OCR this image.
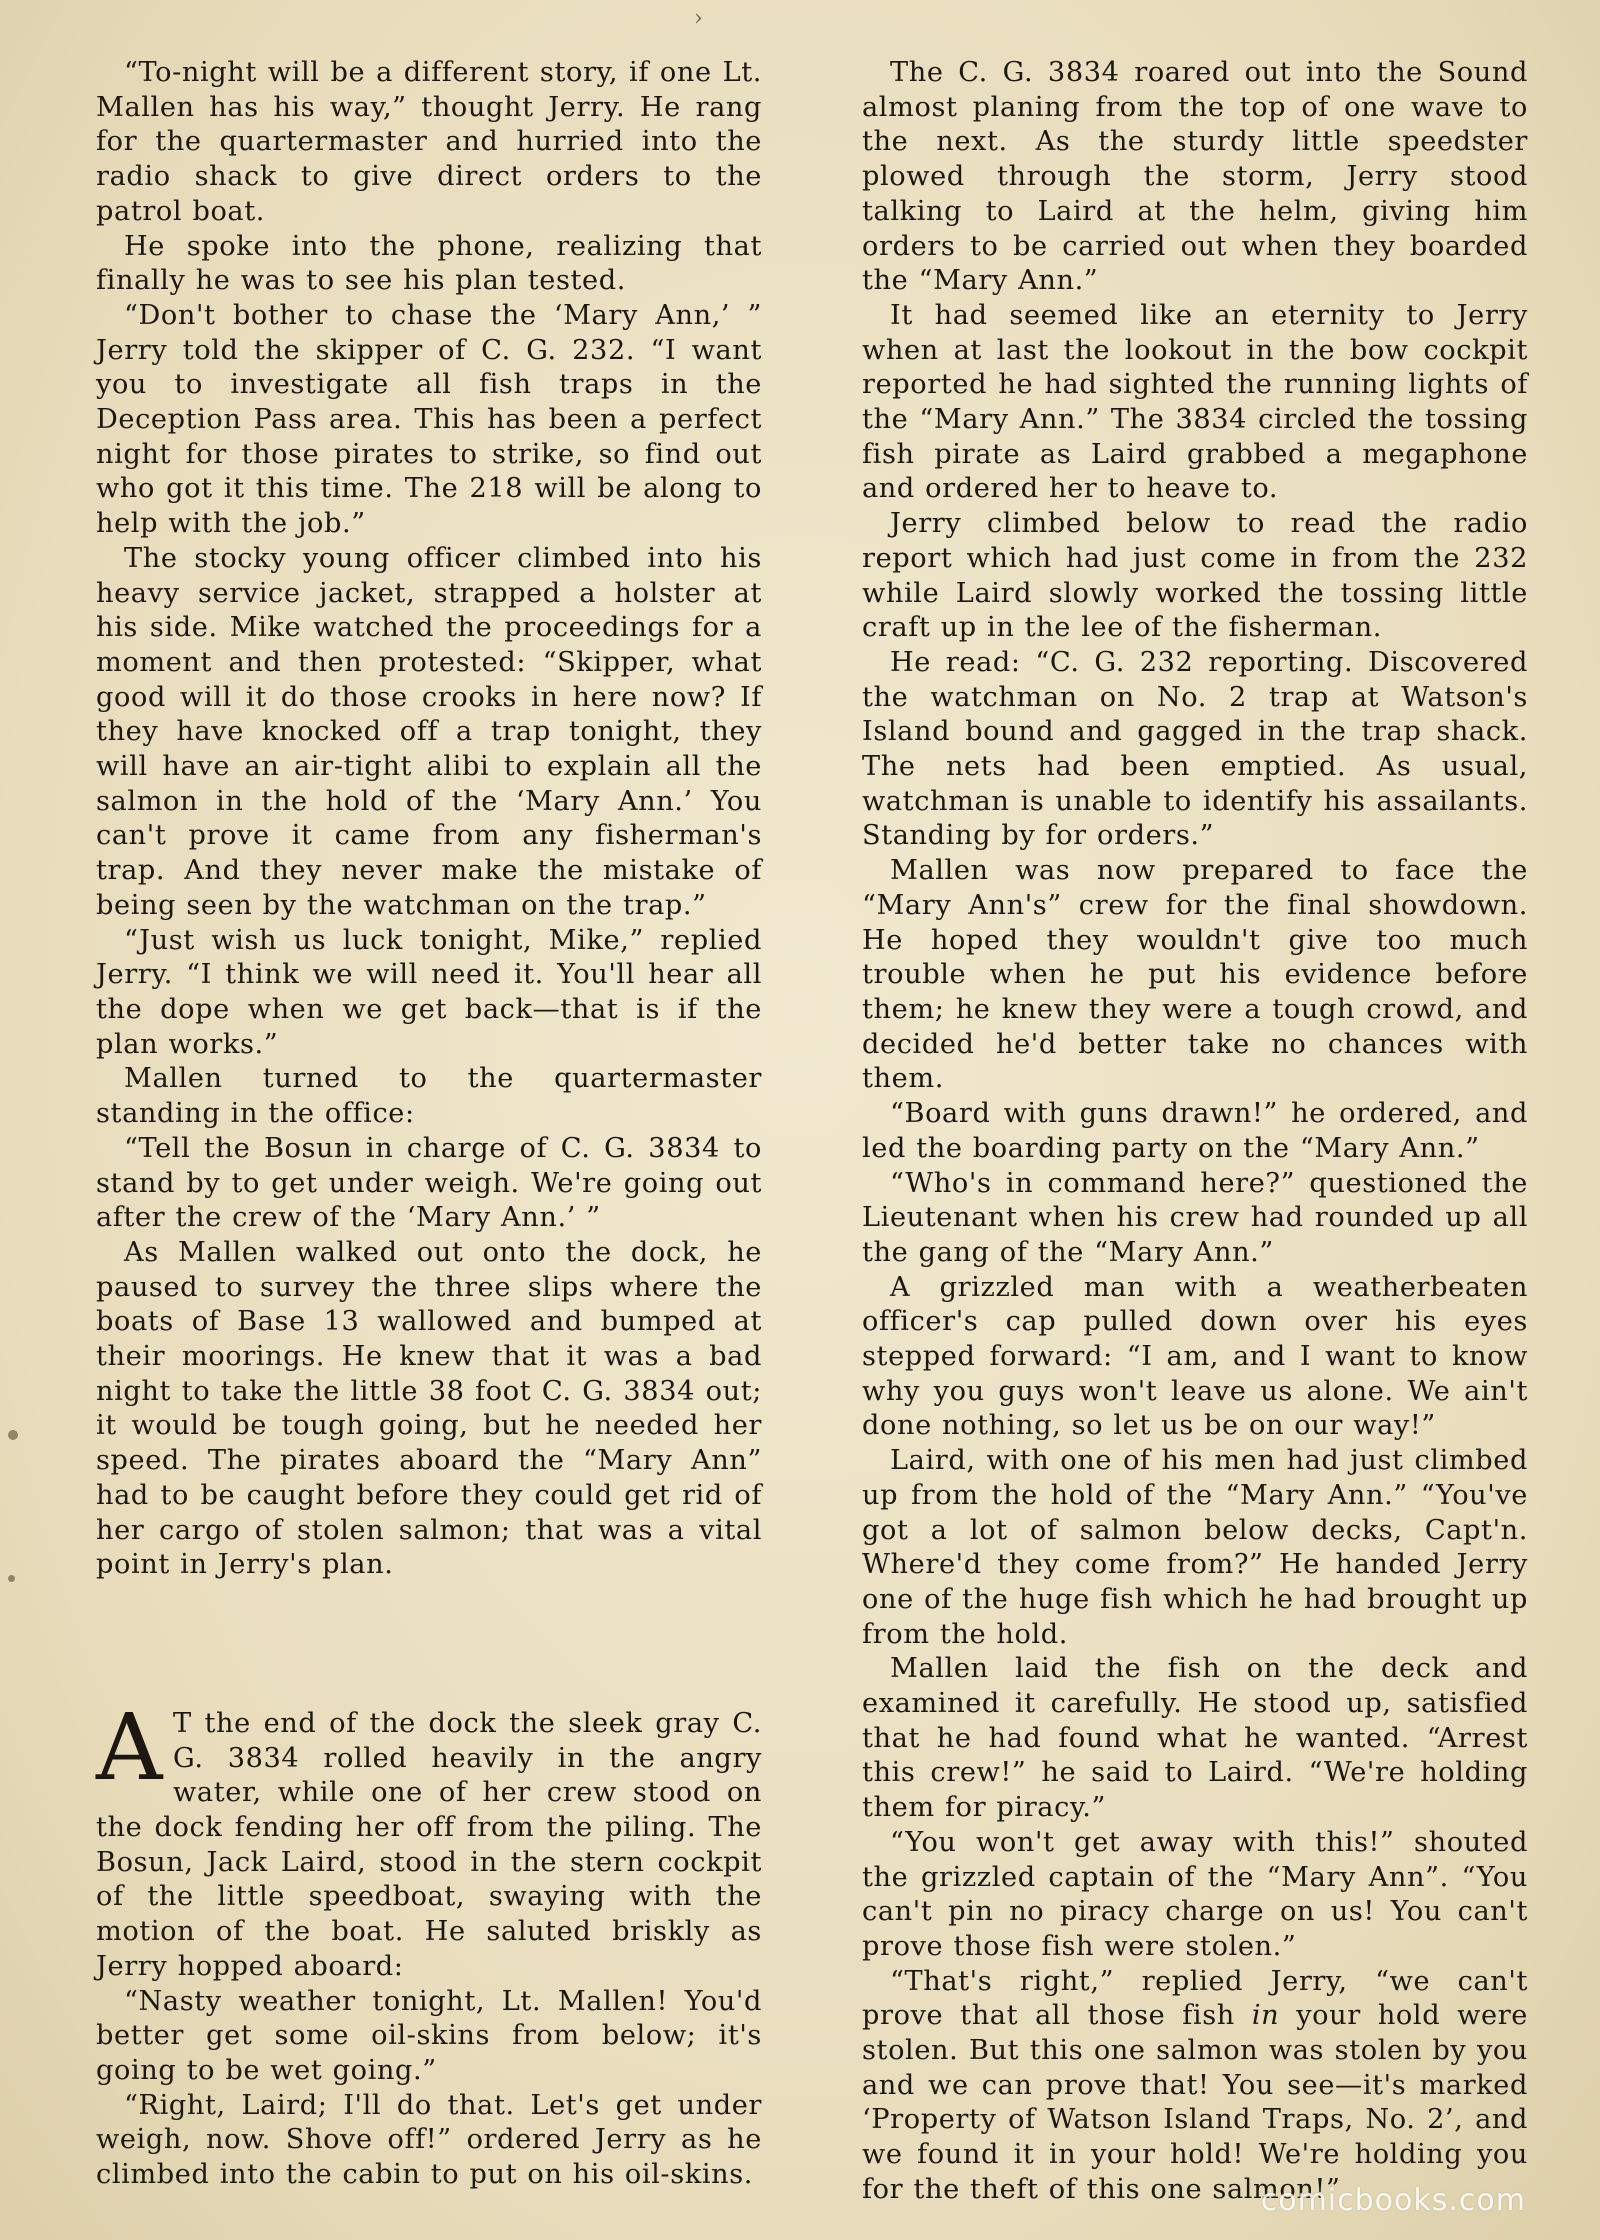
›

“To-night will be a different story, if one Lt. Mallen has his way,” thought Jerry. He rang for the quartermaster and hurried into the radio shack to give direct orders to the patrol boat.

He spoke into the phone, realizing that finally he was to see his plan tested.

“Don't bother to chase the ‘Mary Ann,’ ” Jerry told the skipper of C. G. 232. “I want you to investigate all fish traps in the Deception Pass area. This has been a perfect night for those pirates to strike, so find out who got it this time. The 218 will be along to help with the job.”

The stocky young officer climbed into his heavy service jacket, strapped a holster at his side. Mike watched the proceedings for a moment and then protested: “Skipper, what good will it do those crooks in here now? If they have knocked off a trap tonight, they will have an air-tight alibi to explain all the salmon in the hold of the ‘Mary Ann.’ You can't prove it came from any fisherman's trap. And they never make the mistake of being seen by the watchman on the trap.”

“Just wish us luck tonight, Mike,” replied Jerry. “I think we will need it. You'll hear all the dope when we get back—that is if the plan works.”

Mallen turned to the quartermaster standing in the office:

“Tell the Bosun in charge of C. G. 3834 to stand by to get under weigh. We're going out after the crew of the ‘Mary Ann.’ ”

As Mallen walked out onto the dock, he paused to survey the three slips where the boats of Base 13 wallowed and bumped at their moorings. He knew that it was a bad night to take the little 38 foot C. G. 3834 out; it would be tough going, but he needed her speed. The pirates aboard the “Mary Ann” had to be caught before they could get rid of her cargo of stolen salmon; that was a vital point in Jerry's plan.

A T the end of the dock the sleek gray C. G. 3834 rolled heavily in the angry water, while one of her crew stood on the dock fending her off from the piling. The Bosun, Jack Laird, stood in the stern cockpit of the little speedboat, swaying with the motion of the boat. He saluted briskly as Jerry hopped aboard:

“Nasty weather tonight, Lt. Mallen! You'd better get some oil-skins from below; it's going to be wet going.”

“Right, Laird; I'll do that. Let's get under weigh, now. Shove off!” ordered Jerry as he climbed into the cabin to put on his oil-skins.

The C. G. 3834 roared out into the Sound almost planing from the top of one wave to the next. As the sturdy little speedster plowed through the storm, Jerry stood talking to Laird at the helm, giving him orders to be carried out when they boarded the “Mary Ann.”

It had seemed like an eternity to Jerry when at last the lookout in the bow cockpit reported he had sighted the running lights of the “Mary Ann.” The 3834 circled the tossing fish pirate as Laird grabbed a megaphone and ordered her to heave to.

Jerry climbed below to read the radio report which had just come in from the 232 while Laird slowly worked the tossing little craft up in the lee of the fisherman.

He read: “C. G. 232 reporting. Discovered the watchman on No. 2 trap at Watson's Island bound and gagged in the trap shack. The nets had been emptied. As usual, watchman is unable to identify his assailants. Standing by for orders.”

Mallen was now prepared to face the “Mary Ann's” crew for the final showdown. He hoped they wouldn't give too much trouble when he put his evidence before them; he knew they were a tough crowd, and decided he'd better take no chances with them.

“Board with guns drawn!” he ordered, and led the boarding party on the “Mary Ann.”

“Who's in command here?” questioned the Lieutenant when his crew had rounded up all the gang of the “Mary Ann.”

A grizzled man with a weatherbeaten officer's cap pulled down over his eyes stepped forward: “I am, and I want to know why you guys won't leave us alone. We ain't done nothing, so let us be on our way!”

Laird, with one of his men had just climbed up from the hold of the “Mary Ann.” “You've got a lot of salmon below decks, Capt'n. Where'd they come from?” He handed Jerry one of the huge fish which he had brought up from the hold.

Mallen laid the fish on the deck and examined it carefully. He stood up, satisfied that he had found what he wanted. “Arrest this crew!” he said to Laird. “We're holding them for piracy.”

“You won't get away with this!” shouted the grizzled captain of the “Mary Ann”. “You can't pin no piracy charge on us! You can't prove those fish were stolen.”

“That's right,” replied Jerry, “we can't prove that all those fish in your hold were stolen. But this one salmon was stolen by you and we can prove that! You see—it's marked ‘Property of Watson Island Traps, No. 2’, and we found it in your hold! We're holding you for the theft of this one salmon!”

comicbooks.com
